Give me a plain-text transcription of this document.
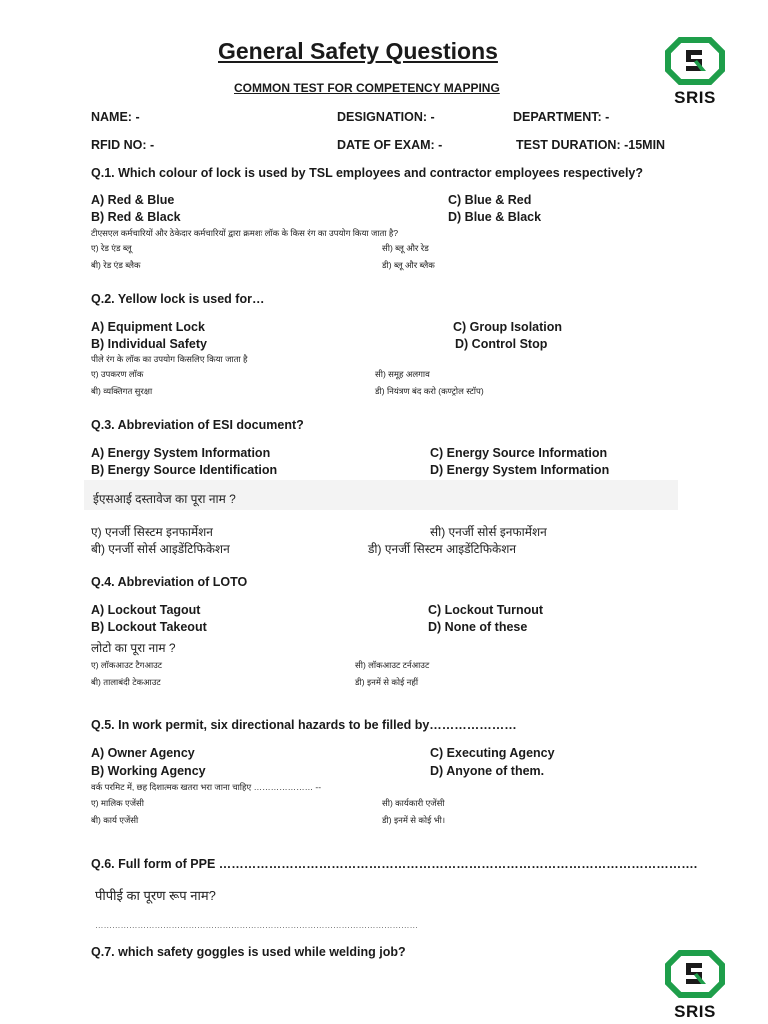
General Safety Questions
COMMON TEST FOR COMPETENCY MAPPING	SRIS
NAME: -	DESIGNATION: -	DEPARTMENT: -
RFID NO: -	DATE OF EXAM: -	TEST DURATION: -15MIN
Q.1. Which colour of lock is used by TSL employees and contractor employees respectively?
A) Red & Blue
B) Red & Black
C) Blue & Red
D) Blue & Black
टीएसएल कर्मचारियों और ठेकेदार कर्मचारियों द्वारा क्रमशः लॉक के किस रंग का उपयोग किया जाता है?
ए) रेड एंड ब्लू
बी) रेड एंड ब्लैक
सी) ब्लू और रेड
डी) ब्लू और ब्लैक
Q.2. Yellow lock is used for…
A) Equipment Lock
B) Individual Safety
C) Group Isolation
D) Control Stop
पीले रंग के लॉक का उपयोग किसलिए किया जाता है
ए) उपकरण लॉक
बी) व्यक्तिगत सुरक्षा
सी) समूह अलगाव
डी) नियंत्रण बंद करो (कण्ट्रोल स्टॉप)
Q.3. Abbreviation of ESI document?
A) Energy System Information
B) Energy Source Identification
C) Energy Source Information
D) Energy System Information
ईएसआई दस्तावेज का पूरा नाम ?
ए) एनर्जी सिस्टम इनफार्मेशन
बी) एनर्जी सोर्स आइडेंटिफिकेशन
सी) एनर्जी सोर्स इनफार्मेशन
डी) एनर्जी सिस्टम आइडेंटिफिकेशन
Q.4. Abbreviation of LOTO
A) Lockout Tagout
B) Lockout Takeout
C) Lockout Turnout
D) None of these
लोटो का पूरा नाम ?
ए) लॉकआउट टैगआउट
बी) तालाबंदी टेकआउट
सी) लॉकआउट टर्नआउट
डी) इनमें से कोई नहीं
Q.5. In work permit, six directional hazards to be filled by…………………
A) Owner Agency
B) Working Agency
C) Executing Agency
D) Anyone of them.
वर्क परमिट में, छह दिशात्मक खतरा भरा जाना चाहिए ………………… --
ए) मालिक एजेंसी
बी) कार्य एजेंसी
सी) कार्यकारी एजेंसी
डी) इनमें से कोई भी।
Q.6. Full form of PPE …………………………………………………………………………………………………….
पीपीई का पूरण रूप नाम?
……………………………………………………………………………………………………
Q.7. which safety goggles is used while welding job?
SRIS
